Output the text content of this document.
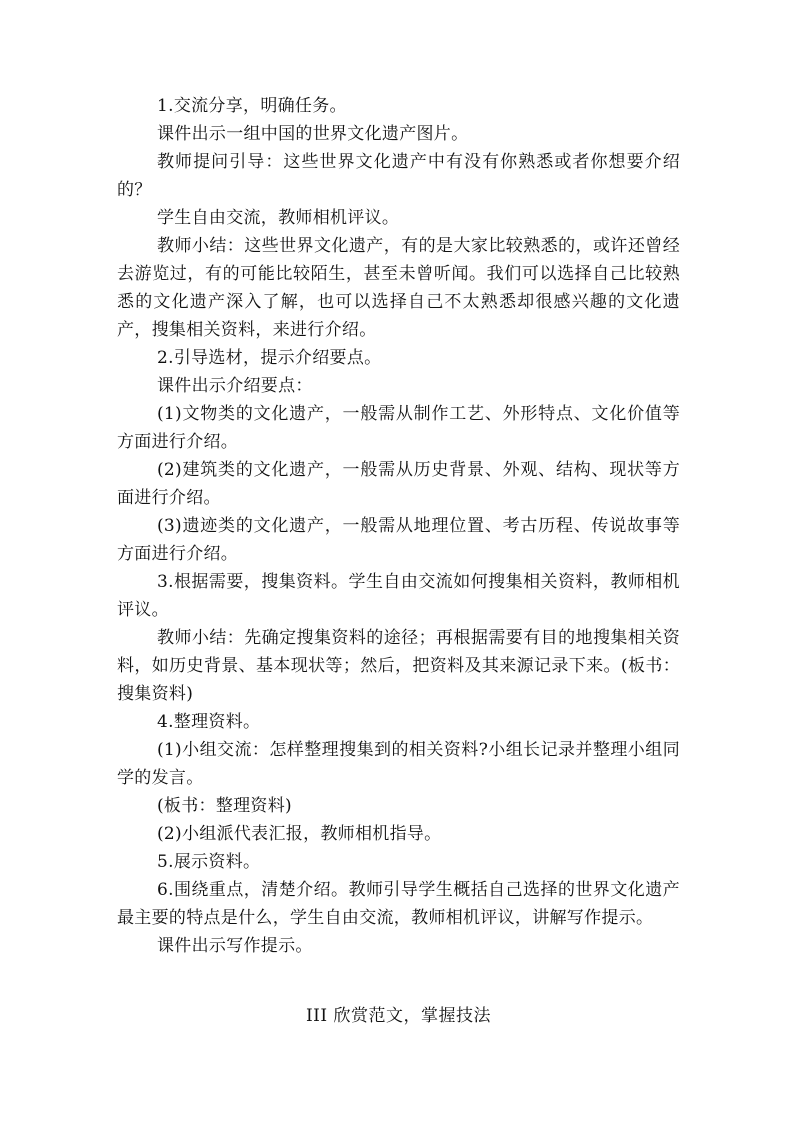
1.交流分享，明确任务。

课件出示一组中国的世界文化遗产图片。

教师提问引导：这些世界文化遗产中有没有你熟悉或者你想要介绍的？

学生自由交流，教师相机评议。

教师小结：这些世界文化遗产，有的是大家比较熟悉的，或许还曾经去游览过，有的可能比较陌生，甚至未曾听闻。我们可以选择自己比较熟悉的文化遗产深入了解，也可以选择自己不太熟悉却很感兴趣的文化遗产，搜集相关资料，来进行介绍。

2.引导选材，提示介绍要点。

课件出示介绍要点：

(1)文物类的文化遗产，一般需从制作工艺、外形特点、文化价值等方面进行介绍。

(2)建筑类的文化遗产，一般需从历史背景、外观、结构、现状等方面进行介绍。

(3)遗迹类的文化遗产，一般需从地理位置、考古历程、传说故事等方面进行介绍。

3.根据需要，搜集资料。学生自由交流如何搜集相关资料，教师相机评议。

教师小结：先确定搜集资料的途径；再根据需要有目的地搜集相关资料，如历史背景、基本现状等；然后，把资料及其来源记录下来。(板书：搜集资料)

4.整理资料。

(1)小组交流：怎样整理搜集到的相关资料?小组长记录并整理小组同学的发言。

(板书：整理资料)

(2)小组派代表汇报，教师相机指导。

5.展示资料。

6.围绕重点，清楚介绍。教师引导学生概括自己选择的世界文化遗产最主要的特点是什么，学生自由交流，教师相机评议，讲解写作提示。

课件出示写作提示。

III 欣赏范文，掌握技法
